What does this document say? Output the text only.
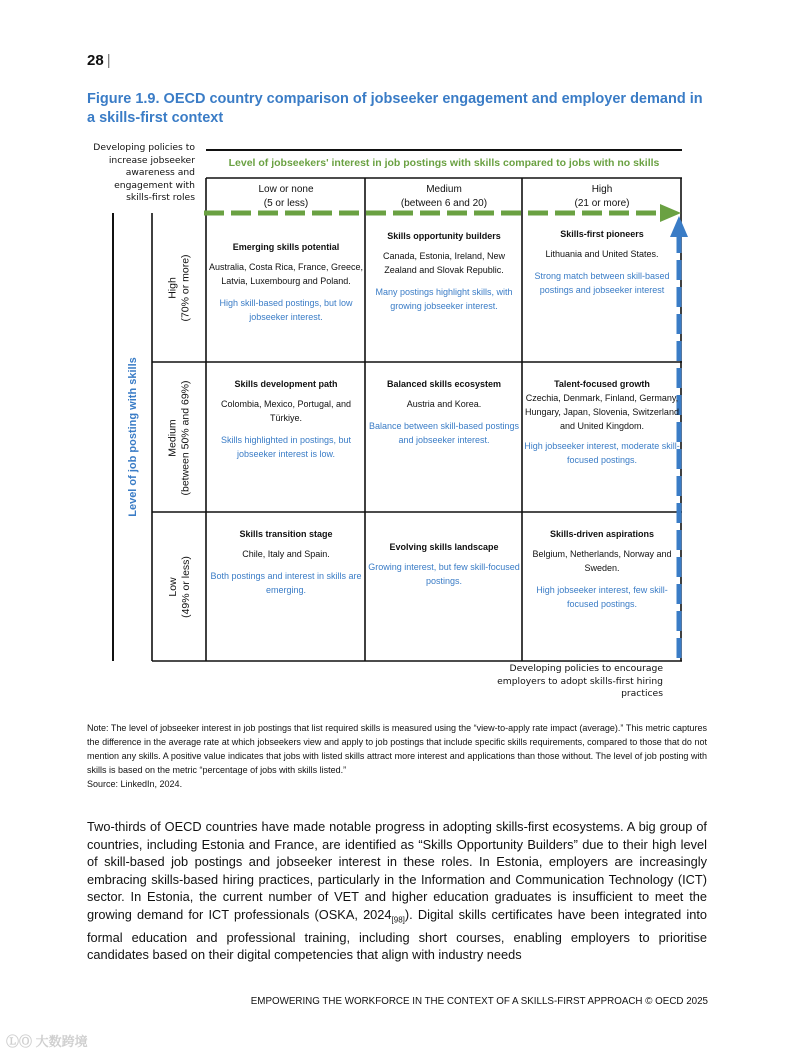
28 |
Figure 1.9. OECD country comparison of jobseeker engagement and employer demand in a skills-first context
Developing policies to increase jobseeker awareness and engagement with skills-first roles
Level of jobseekers' interest in job postings with skills compared to jobs with no skills
Low or none
(5 or less)
Medium
(between 6 and 20)
High
(21 or more)
Level of job posting with skills
High (70% or more)
Medium (between 50% and 69%)
Low (49% or less)
Emerging skills potential
Australia, Costa Rica, France, Greece, Latvia, Luxembourg and Poland.
High skill-based postings, but low jobseeker interest.
Skills opportunity builders
Canada, Estonia, Ireland, New Zealand and Slovak Republic.
Many postings highlight skills, with growing jobseeker interest.
Skills-first pioneers
Lithuania and United States.
Strong match between skill-based postings and jobseeker interest
Skills development path
Colombia, Mexico, Portugal, and Türkiye.
Skills highlighted in postings, but jobseeker interest is low.
Balanced skills ecosystem
Austria and Korea.
Balance between skill-based postings and jobseeker interest.
Talent-focused growth
Czechia, Denmark, Finland, Germany, Hungary, Japan, Slovenia, Switzerland and United Kingdom.
High jobseeker interest, moderate skill-focused postings.
Skills transition stage
Chile, Italy and Spain.
Both postings and interest in skills are emerging.
Evolving skills landscape
Growing interest, but few skill-focused postings.
Skills-driven aspirations
Belgium, Netherlands, Norway and Sweden.
High jobseeker interest, few skill-focused postings.
Developing policies to encourage employers to adopt skills-first hiring practices
Note: The level of jobseeker interest in job postings that list required skills is measured using the “view-to-apply rate impact (average).” This metric captures the difference in the average rate at which jobseekers view and apply to job postings that include specific skills requirements, compared to those that do not mention any skills. A positive value indicates that jobs with listed skills attract more interest and applications than those without. The level of job posting with skills is based on the metric “percentage of jobs with skills listed.”
Source: LinkedIn, 2024.
Two-thirds of OECD countries have made notable progress in adopting skills-first ecosystems. A big group of countries, including Estonia and France, are identified as “Skills Opportunity Builders” due to their high level of skill-based job postings and jobseeker interest in these roles. In Estonia, employers are increasingly embracing skills-based hiring practices, particularly in the Information and Communication Technology (ICT) sector. In Estonia, the current number of VET and higher education graduates is insufficient to meet the growing demand for ICT professionals (OSKA, $2024_{[98]}$). Digital skills certificates have been integrated into formal education and professional training, including short courses, enabling employers to prioritise candidates based on their digital competencies that align with industry needs
EMPOWERING THE WORKFORCE IN THE CONTEXT OF A SKILLS-FIRST APPROACH © OECD 2025
ⓁⓄ 大数跨境
